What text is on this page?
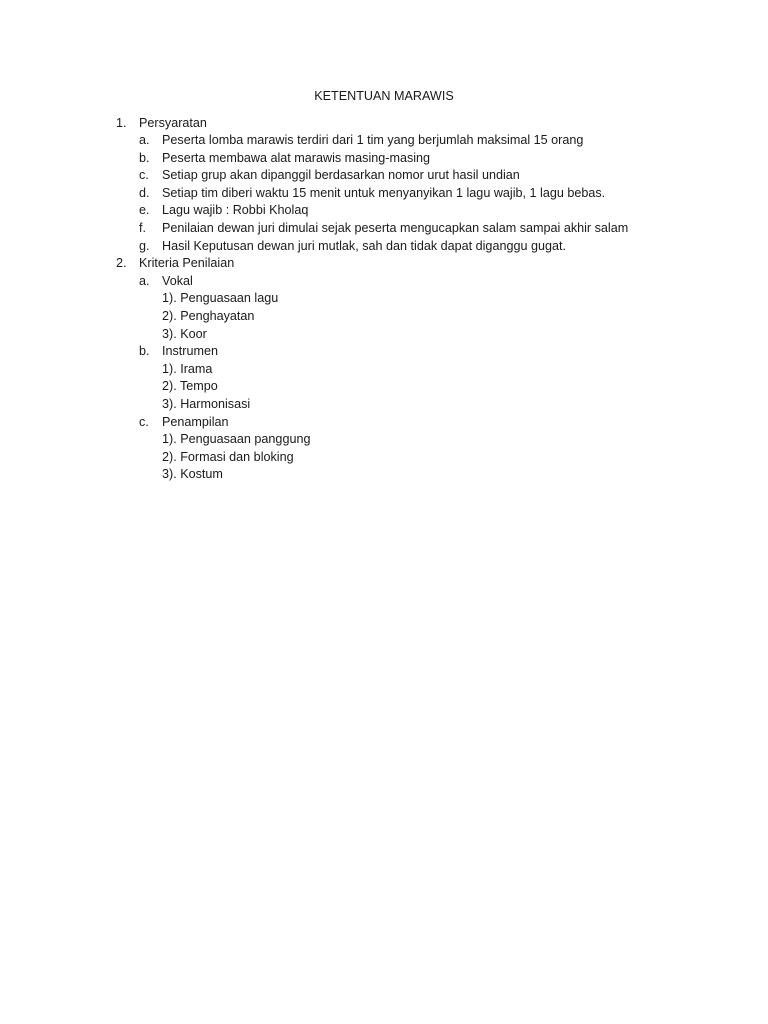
KETENTUAN MARAWIS
1. Persyaratan
a. Peserta lomba marawis terdiri dari 1 tim yang berjumlah maksimal 15 orang
b. Peserta membawa alat marawis masing-masing
c. Setiap grup akan dipanggil berdasarkan nomor urut hasil undian
d. Setiap tim diberi waktu 15 menit untuk menyanyikan 1 lagu wajib, 1 lagu bebas.
e. Lagu wajib : Robbi Kholaq
f. Penilaian dewan juri dimulai sejak peserta mengucapkan salam sampai akhir salam
g. Hasil Keputusan dewan juri mutlak, sah dan tidak dapat diganggu gugat.
2. Kriteria Penilaian
a. Vokal
1). Penguasaan lagu
2). Penghayatan
3). Koor
b. Instrumen
1). Irama
2). Tempo
3). Harmonisasi
c. Penampilan
1). Penguasaan panggung
2). Formasi dan bloking
3). Kostum
